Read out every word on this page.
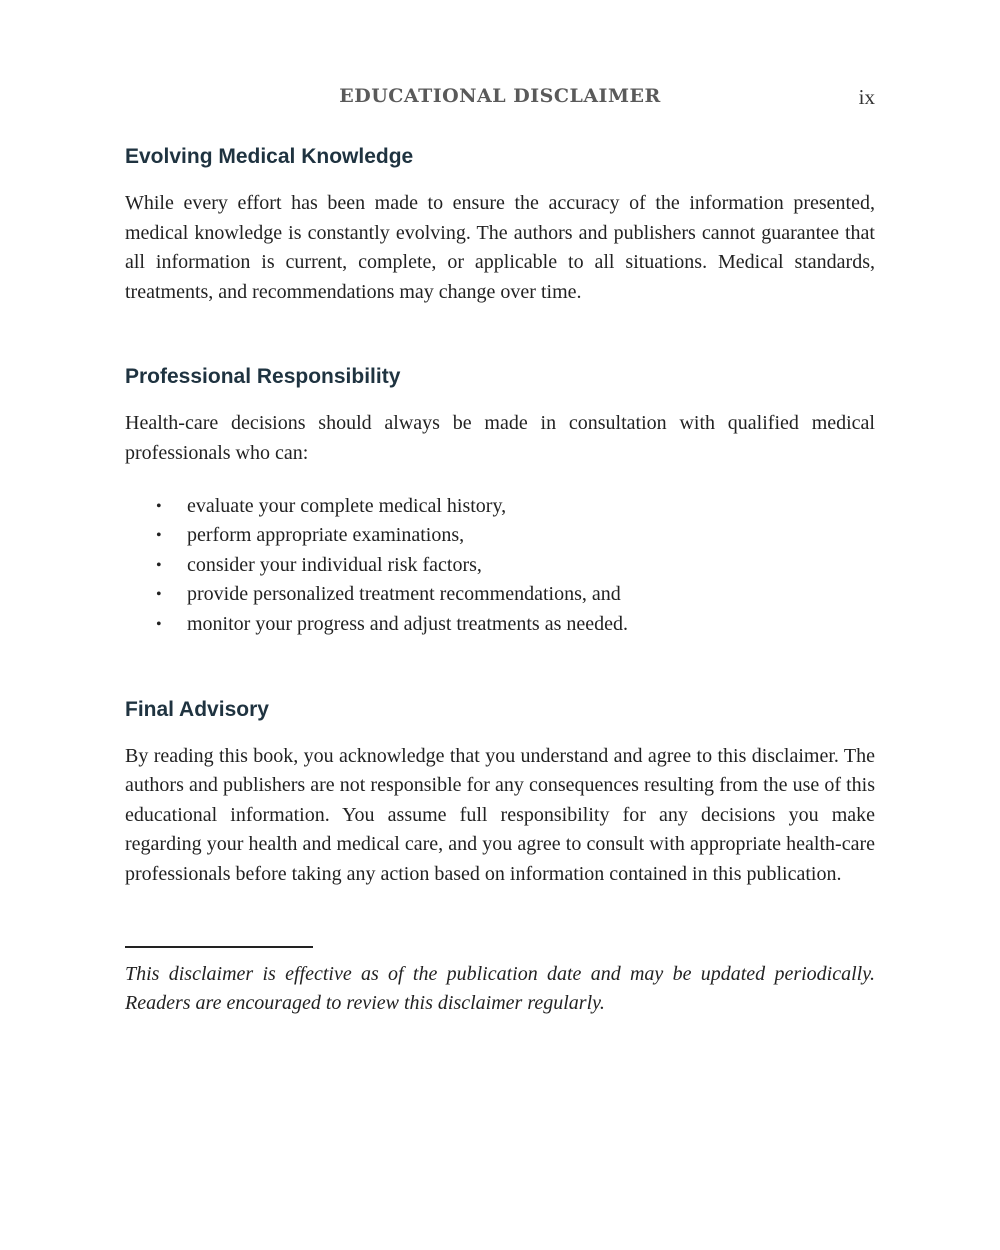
EDUCATIONAL DISCLAIMER	ix
Evolving Medical Knowledge

While every effort has been made to ensure the accuracy of the information presented, medical knowledge is constantly evolving. The authors and publishers cannot guarantee that all information is current, complete, or applicable to all situations. Medical standards, treatments, and recommendations may change over time.

Professional Responsibility

Health-care decisions should always be made in consultation with qualified medical professionals who can:

• evaluate your complete medical history,
• perform appropriate examinations,
• consider your individual risk factors,
• provide personalized treatment recommendations, and
• monitor your progress and adjust treatments as needed.
Final Advisory

By reading this book, you acknowledge that you understand and agree to this disclaimer. The authors and publishers are not responsible for any consequences resulting from the use of this educational information. You assume full responsibility for any decisions you make regarding your health and medical care, and you agree to consult with appropriate health-care professionals before taking any action based on information contained in this publication.

This disclaimer is effective as of the publication date and may be updated periodically. Readers are encouraged to review this disclaimer regularly.
